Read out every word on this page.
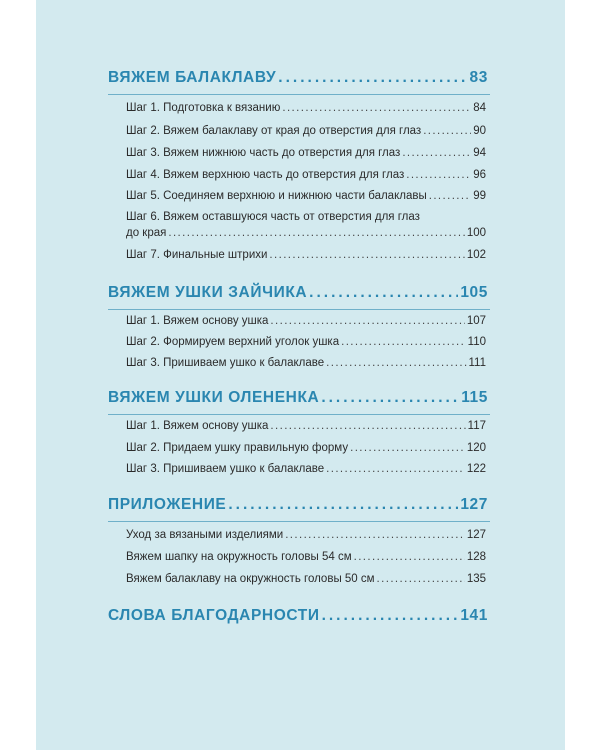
ВЯЖЕМ БАЛАКЛАВУ .....	83
Шаг 1. Подготовка к вязанию .....	84
Шаг 2. Вяжем балаклаву от края до отверстия для глаз .....	90
Шаг 3. Вяжем нижнюю часть до отверстия для глаз .....	94
Шаг 4. Вяжем верхнюю часть до отверстия для глаз .....	96
Шаг 5. Соединяем верхнюю и нижнюю части балаклавы .....	99
Шаг 6. Вяжем оставшуюся часть от отверстия для глаз
до края .....	100
Шаг 7. Финальные штрихи .....	102
ВЯЖЕМ УШКИ ЗАЙЧИКА .....	105
Шаг 1. Вяжем основу ушка .....	107
Шаг 2. Формируем верхний уголок ушка .....	110
Шаг 3. Пришиваем ушко к балаклаве .....	111
ВЯЖЕМ УШКИ ОЛЕНЕНКА .....	115
Шаг 1. Вяжем основу ушка .....	117
Шаг 2. Придаем ушку правильную форму .....	120
Шаг 3. Пришиваем ушко к балаклаве .....	122
ПРИЛОЖЕНИЕ .....	127
Уход за вязаными изделиями .....	127
Вяжем шапку на окружность головы 54 см .....	128
Вяжем балаклаву на окружность головы 50 см .....	135
СЛОВА БЛАГОДАРНОСТИ .....	141
